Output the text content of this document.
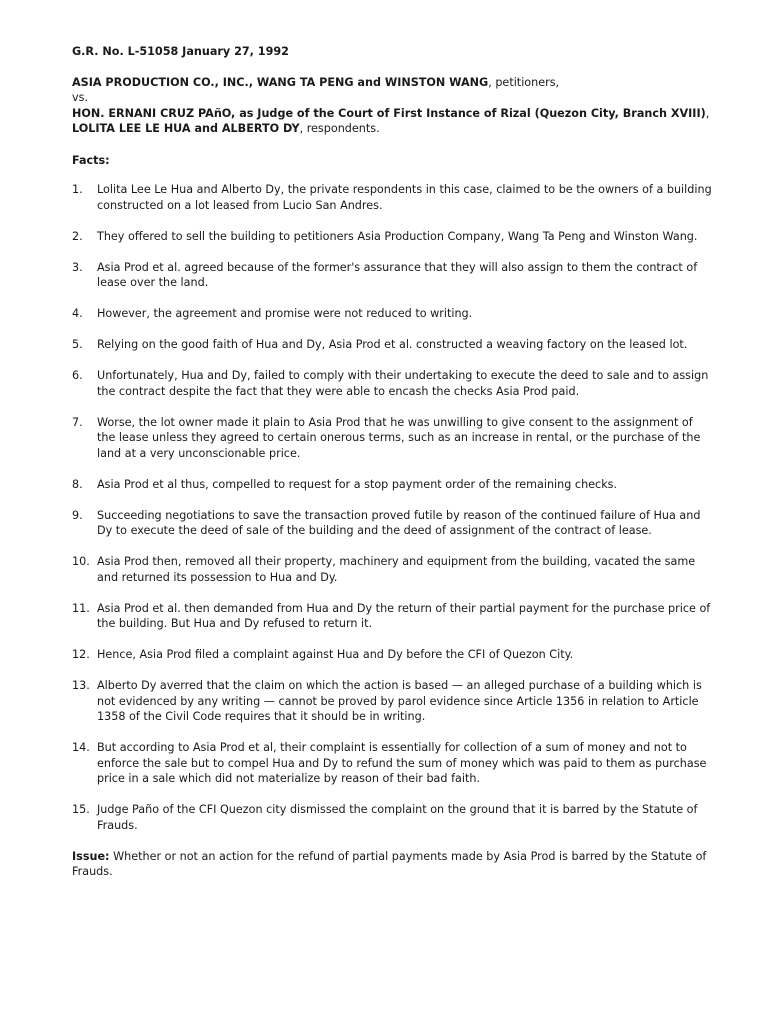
G.R. No. L-51058 January 27, 1992

ASIA PRODUCTION CO., INC., WANG TA PENG and WINSTON WANG, petitioners,

vs.

HON. ERNANI CRUZ PAñO, as Judge of the Court of First Instance of Rizal (Quezon City, Branch XVIII),

LOLITA LEE LE HUA and ALBERTO DY, respondents.

Facts:

1.	Lolita Lee Le Hua and Alberto Dy, the private respondents in this case, claimed to be the owners of a building constructed on a lot leased from Lucio San Andres.
2.	They offered to sell the building to petitioners Asia Production Company, Wang Ta Peng and Winston Wang.
3.	Asia Prod et al. agreed because of the former's assurance that they will also assign to them the contract of lease over the land.
4.	However, the agreement and promise were not reduced to writing.
5.	Relying on the good faith of Hua and Dy, Asia Prod et al. constructed a weaving factory on the leased lot.
6.	Unfortunately, Hua and Dy, failed to comply with their undertaking to execute the deed to sale and to assign the contract despite the fact that they were able to encash the checks Asia Prod paid.
7.	Worse, the lot owner made it plain to Asia Prod that he was unwilling to give consent to the assignment of the lease unless they agreed to certain onerous terms, such as an increase in rental, or the purchase of the land at a very unconscionable price.
8.	Asia Prod et al thus, compelled to request for a stop payment order of the remaining checks.
9.	Succeeding negotiations to save the transaction proved futile by reason of the continued failure of Hua and Dy to execute the deed of sale of the building and the deed of assignment of the contract of lease.
10. Asia Prod then, removed all their property, machinery and equipment from the building, vacated the same and returned its possession to Hua and Dy.
11. Asia Prod et al. then demanded from Hua and Dy the return of their partial payment for the purchase price of the building. But Hua and Dy refused to return it.
12. Hence, Asia Prod filed a complaint against Hua and Dy before the CFI of Quezon City.
13. Alberto Dy averred that the claim on which the action is based — an alleged purchase of a building which is not evidenced by any writing — cannot be proved by parol evidence since Article 1356 in relation to Article 1358 of the Civil Code requires that it should be in writing.
14. But according to Asia Prod et al, their complaint is essentially for collection of a sum of money and not to enforce the sale but to compel Hua and Dy to refund the sum of money which was paid to them as purchase price in a sale which did not materialize by reason of their bad faith.
15. Judge Paño of the CFI Quezon city dismissed the complaint on the ground that it is barred by the Statute of Frauds.

Issue: Whether or not an action for the refund of partial payments made by Asia Prod is barred by the Statute of Frauds.
